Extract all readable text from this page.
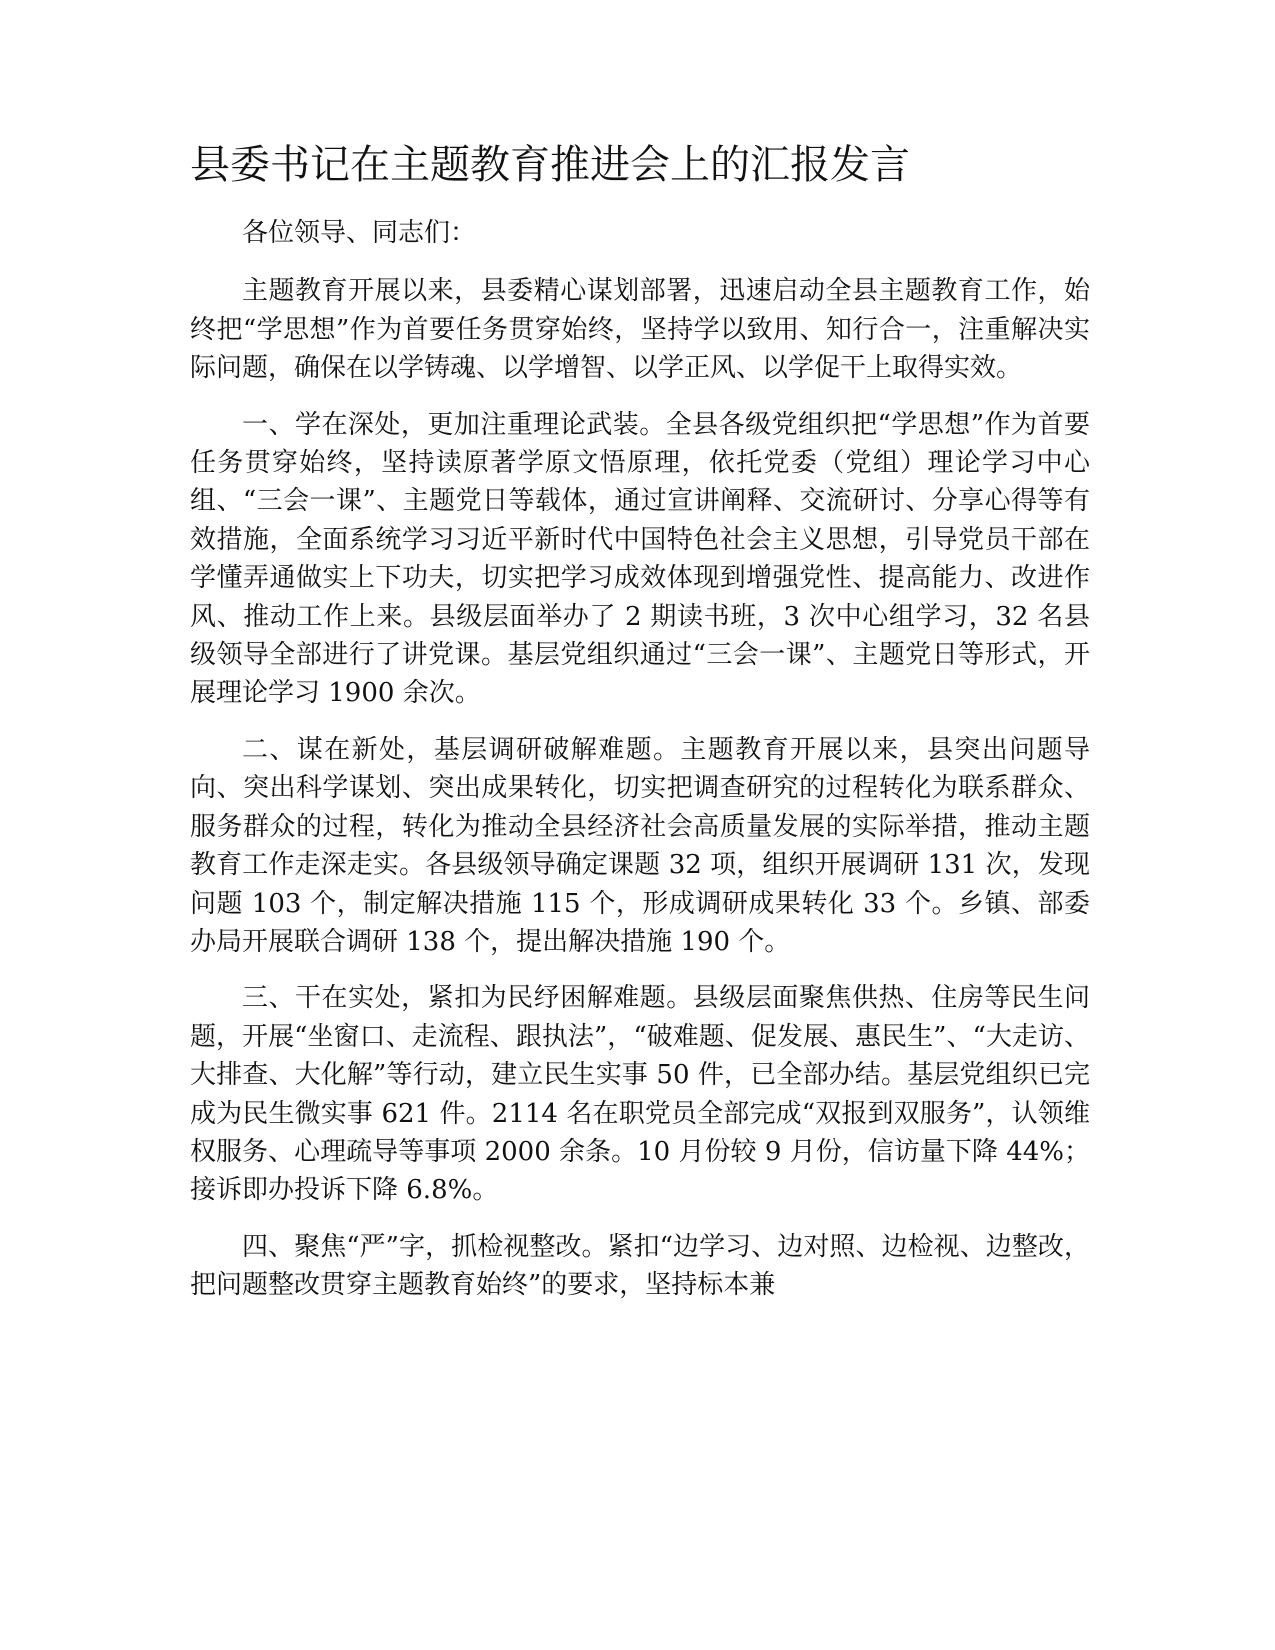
县委书记在主题教育推进会上的汇报发言

各位领导、同志们：

主题教育开展以来，县委精心谋划部署，迅速启动全县主题教育工作，始终把“学思想”作为首要任务贯穿始终，坚持学以致用、知行合一，注重解决实际问题，确保在以学铸魂、以学增智、以学正风、以学促干上取得实效。

一、学在深处，更加注重理论武装。全县各级党组织把“学思想”作为首要任务贯穿始终，坚持读原著学原文悟原理，依托党委（党组）理论学习中心组、“三会一课”、主题党日等载体，通过宣讲阐释、交流研讨、分享心得等有效措施，全面系统学习习近平新时代中国特色社会主义思想，引导党员干部在学懂弄通做实上下功夫，切实把学习成效体现到增强党性、提高能力、改进作风、推动工作上来。县级层面举办了 2 期读书班，3 次中心组学习，32 名县级领导全部进行了讲党课。基层党组织通过“三会一课”、主题党日等形式，开展理论学习 1900 余次。

二、谋在新处，基层调研破解难题。主题教育开展以来，县突出问题导向、突出科学谋划、突出成果转化，切实把调查研究的过程转化为联系群众、服务群众的过程，转化为推动全县经济社会高质量发展的实际举措，推动主题教育工作走深走实。各县级领导确定课题 32 项，组织开展调研 131 次，发现问题 103 个，制定解决措施 115 个，形成调研成果转化 33 个。乡镇、部委办局开展联合调研 138 个，提出解决措施 190 个。

三、干在实处，紧扣为民纾困解难题。县级层面聚焦供热、住房等民生问题，开展“坐窗口、走流程、跟执法”，“破难题、促发展、惠民生”、“大走访、大排查、大化解”等行动，建立民生实事 50 件，已全部办结。基层党组织已完成为民生微实事 621 件。2114 名在职党员全部完成“双报到双服务”，认领维权服务、心理疏导等事项 2000 余条。10 月份较 9 月份，信访量下降 44%；接诉即办投诉下降 6.8%。

四、聚焦“严”字，抓检视整改。紧扣“边学习、边对照、边检视、边整改，把问题整改贯穿主题教育始终”的要求，坚持标本兼
